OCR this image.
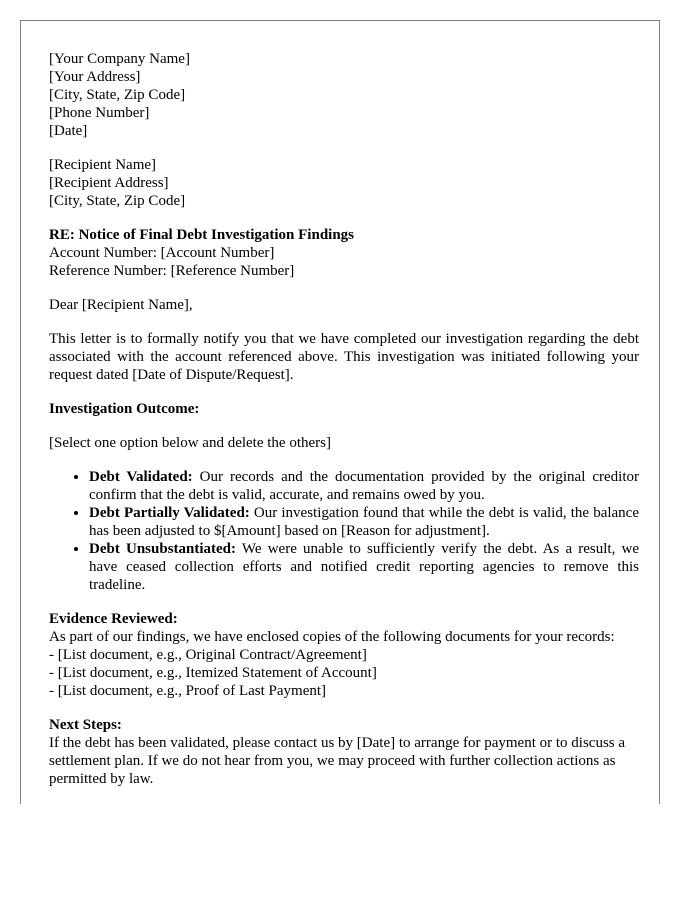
[Your Company Name]
[Your Address]
[City, State, Zip Code]
[Phone Number]
[Date]
[Recipient Name]
[Recipient Address]
[City, State, Zip Code]
RE: Notice of Final Debt Investigation Findings
Account Number: [Account Number]
Reference Number: [Reference Number]

Dear [Recipient Name],

This letter is to formally notify you that we have completed our investigation regarding the debt associated with the account referenced above. This investigation was initiated following your request dated [Date of Dispute/Request].

Investigation Outcome:

[Select one option below and delete the others]

• Debt Validated: Our records and the documentation provided by the original creditor confirm that the debt is valid, accurate, and remains owed by you.
• Debt Partially Validated: Our investigation found that while the debt is valid, the balance has been adjusted to $[Amount] based on [Reason for adjustment].
• Debt Unsubstantiated: We were unable to sufficiently verify the debt. As a result, we have ceased collection efforts and notified credit reporting agencies to remove this tradeline.
Evidence Reviewed:
As part of our findings, we have enclosed copies of the following documents for your records:
- [List document, e.g., Original Contract/Agreement]
- [List document, e.g., Itemized Statement of Account]
- [List document, e.g., Proof of Last Payment]
Next Steps:
If the debt has been validated, please contact us by [Date] to arrange for payment or to discuss a settlement plan. If we do not hear from you, we may proceed with further collection actions as permitted by law.
